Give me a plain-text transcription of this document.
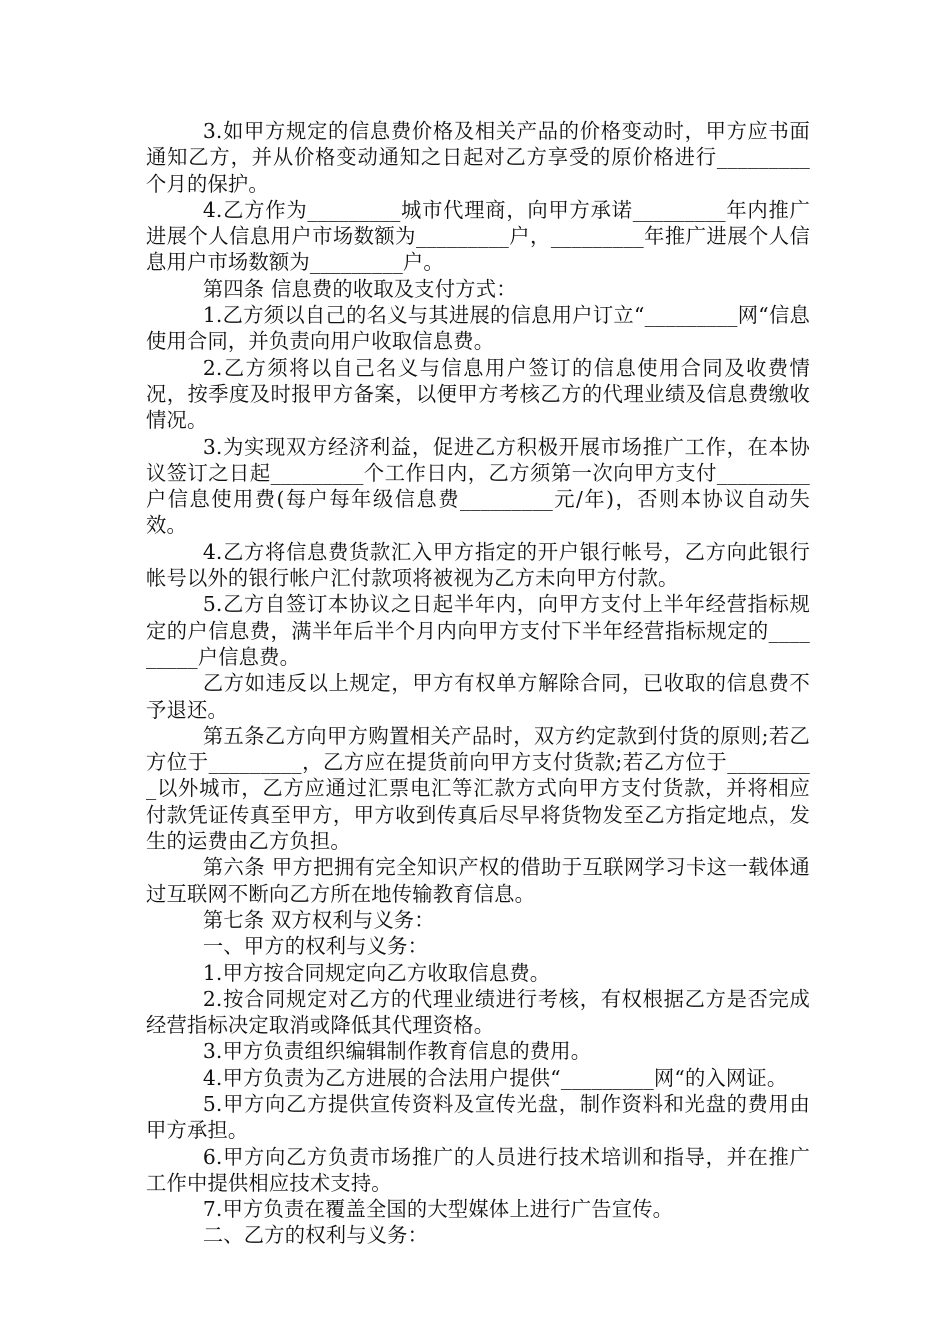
3.如甲方规定的信息费价格及相关产品的价格变动时，甲方应书面通知乙方，并从价格变动通知之日起对乙方享受的原价格进行_________个月的保护。

4.乙方作为_________城市代理商，向甲方承诺_________年内推广进展个人信息用户市场数额为_________户，_________年推广进展个人信息用户市场数额为_________户。

第四条 信息费的收取及支付方式：

1.乙方须以自己的名义与其进展的信息用户订立“_________网“信息使用合同，并负责向用户收取信息费。

2.乙方须将以自己名义与信息用户签订的信息使用合同及收费情况，按季度及时报甲方备案，以便甲方考核乙方的代理业绩及信息费缴收情况。

3.为实现双方经济利益，促进乙方积极开展市场推广工作，在本协议签订之日起_________个工作日内，乙方须第一次向甲方支付_________户信息使用费(每户每年级信息费_________元/年)，否则本协议自动失效。

4.乙方将信息费货款汇入甲方指定的开户银行帐号，乙方向此银行帐号以外的银行帐户汇付款项将被视为乙方未向甲方付款。

5.乙方自签订本协议之日起半年内，向甲方支付上半年经营指标规定的户信息费，满半年后半个月内向甲方支付下半年经营指标规定的_________户信息费。

乙方如违反以上规定，甲方有权单方解除合同，已收取的信息费不予退还。

第五条乙方向甲方购置相关产品时，双方约定款到付货的原则;若乙方位于_________，乙方应在提货前向甲方支付货款;若乙方位于_________以外城市，乙方应通过汇票电汇等汇款方式向甲方支付货款，并将相应付款凭证传真至甲方，甲方收到传真后尽早将货物发至乙方指定地点，发生的运费由乙方负担。

第六条 甲方把拥有完全知识产权的借助于互联网学习卡这一载体通过互联网不断向乙方所在地传输教育信息。

第七条 双方权利与义务：

一、甲方的权利与义务：

1.甲方按合同规定向乙方收取信息费。

2.按合同规定对乙方的代理业绩进行考核，有权根据乙方是否完成经营指标决定取消或降低其代理资格。

3.甲方负责组织编辑制作教育信息的费用。

4.甲方负责为乙方进展的合法用户提供“_________网“的入网证。

5.甲方向乙方提供宣传资料及宣传光盘，制作资料和光盘的费用由甲方承担。

6.甲方向乙方负责市场推广的人员进行技术培训和指导，并在推广工作中提供相应技术支持。

7.甲方负责在覆盖全国的大型媒体上进行广告宣传。

二、乙方的权利与义务：
